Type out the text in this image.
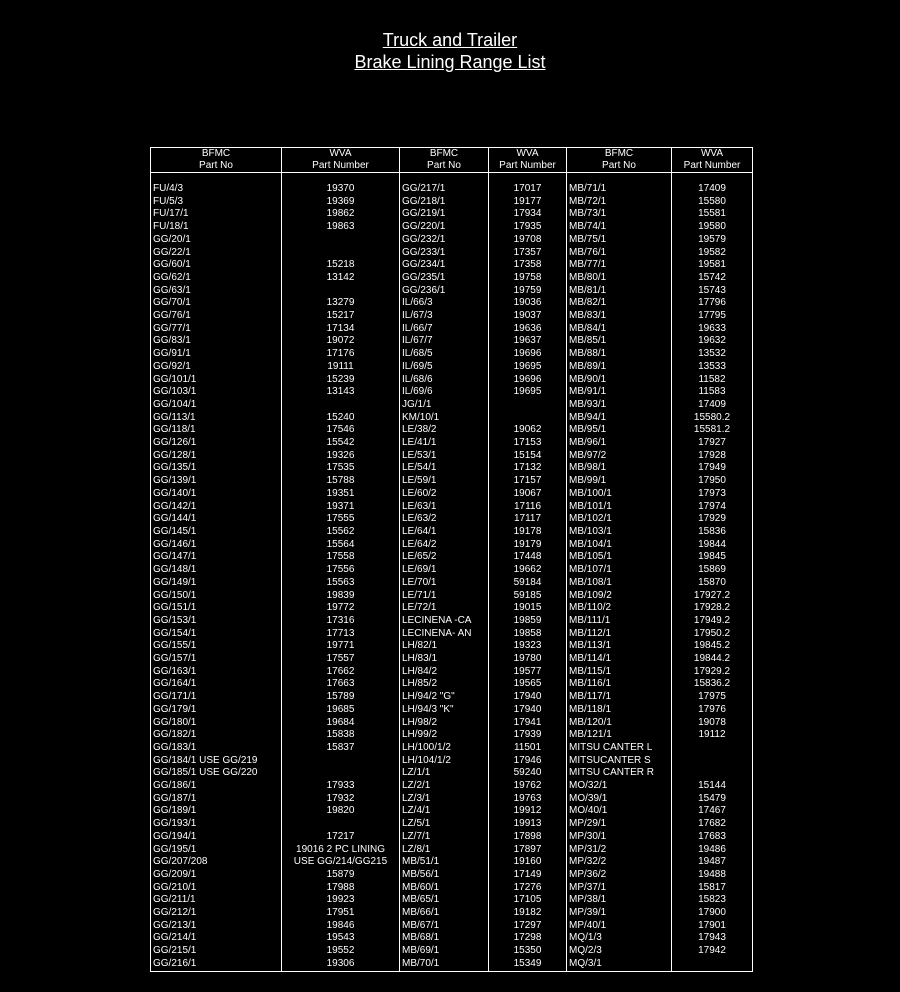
Truck and Trailer
Brake Lining Range List
BFMC	WVA	BFMC	WVA	BFMC	WVA
Part No	Part Number	Part No	Part Number	Part No	Part Number

FU/4/3	19370	GG/217/1	17017	MB/71/1	17409
FU/5/3	19369	GG/218/1	19177	MB/72/1	15580
FU/17/1	19862	GG/219/1	17934	MB/73/1	15581
FU/18/1	19863	GG/220/1	17935	MB/74/1	19580
GG/20/1		GG/232/1	19708	MB/75/1	19579
GG/22/1		GG/233/1	17357	MB/76/1	19582
GG/60/1	15218	GG/234/1	17358	MB/77/1	19581
GG/62/1	13142	GG/235/1	19758	MB/80/1	15742
GG/63/1		GG/236/1	19759	MB/81/1	15743
GG/70/1	13279	IL/66/3	19036	MB/82/1	17796
GG/76/1	15217	IL/67/3	19037	MB/83/1	17795
GG/77/1	17134	IL/66/7	19636	MB/84/1	19633
GG/83/1	19072	IL/67/7	19637	MB/85/1	19632
GG/91/1	17176	IL/68/5	19696	MB/88/1	13532
GG/92/1	19111	IL/69/5	19695	MB/89/1	13533
GG/101/1	15239	IL/68/6	19696	MB/90/1	11582
GG/103/1	13143	IL/69/6	19695	MB/91/1	11583
GG/104/1		JG/1/1		MB/93/1	17409
GG/113/1	15240	KM/10/1		MB/94/1	15580.2
GG/118/1	17546	LE/38/2	19062	MB/95/1	15581.2
GG/126/1	15542	LE/41/1	17153	MB/96/1	17927
GG/128/1	19326	LE/53/1	15154	MB/97/2	17928
GG/135/1	17535	LE/54/1	17132	MB/98/1	17949
GG/139/1	15788	LE/59/1	17157	MB/99/1	17950
GG/140/1	19351	LE/60/2	19067	MB/100/1	17973
GG/142/1	19371	LE/63/1	17116	MB/101/1	17974
GG/144/1	17555	LE/63/2	17117	MB/102/1	17929
GG/145/1	15562	LE/64/1	19178	MB/103/1	15836
GG/146/1	15564	LE/64/2	19179	MB/104/1	19844
GG/147/1	17558	LE/65/2	17448	MB/105/1	19845
GG/148/1	17556	LE/69/1	19662	MB/107/1	15869
GG/149/1	15563	LE/70/1	59184	MB/108/1	15870
GG/150/1	19839	LE/71/1	59185	MB/109/2	17927.2
GG/151/1	19772	LE/72/1	19015	MB/110/2	17928.2
GG/153/1	17316	LECINENA -CA	19859	MB/111/1	17949.2
GG/154/1	17713	LECINENA- AN	19858	MB/112/1	17950.2
GG/155/1	19771	LH/82/1	19323	MB/113/1	19845.2
GG/157/1	17557	LH/83/1	19780	MB/114/1	19844.2
GG/163/1	17662	LH/84/2	19577	MB/115/1	17929.2
GG/164/1	17663	LH/85/2	19565	MB/116/1	15836.2
GG/171/1	15789	LH/94/2 "G"	17940	MB/117/1	17975
GG/179/1	19685	LH/94/3 "K"	17940	MB/118/1	17976
GG/180/1	19684	LH/98/2	17941	MB/120/1	19078
GG/182/1	15838	LH/99/2	17939	MB/121/1	19112
GG/183/1	15837	LH/100/1/2	11501	MITSU CANTER L	
GG/184/1 USE GG/219		LH/104/1/2	17946	MITSUCANTER S	
GG/185/1 USE GG/220		LZ/1/1	59240	MITSU CANTER R	
GG/186/1	17933	LZ/2/1	19762	MO/32/1	15144
GG/187/1	17932	LZ/3/1	19763	MO/39/1	15479
GG/189/1	19820	LZ/4/1	19912	MO/40/1	17467
GG/193/1		LZ/5/1	19913	MP/29/1	17682
GG/194/1	17217	LZ/7/1	17898	MP/30/1	17683
GG/195/1	19016 2 PC LINING	LZ/8/1	17897	MP/31/2	19486
GG/207/208	USE GG/214/GG215	MB/51/1	19160	MP/32/2	19487
GG/209/1	15879	MB/56/1	17149	MP/36/2	19488
GG/210/1	17988	MB/60/1	17276	MP/37/1	15817
GG/211/1	19923	MB/65/1	17105	MP/38/1	15823
GG/212/1	17951	MB/66/1	19182	MP/39/1	17900
GG/213/1	19846	MB/67/1	17297	MP/40/1	17901
GG/214/1	19543	MB/68/1	17298	MQ/1/3	17943
GG/215/1	19552	MB/69/1	15350	MQ/2/3	17942
GG/216/1	19306	MB/70/1	15349	MQ/3/1	
